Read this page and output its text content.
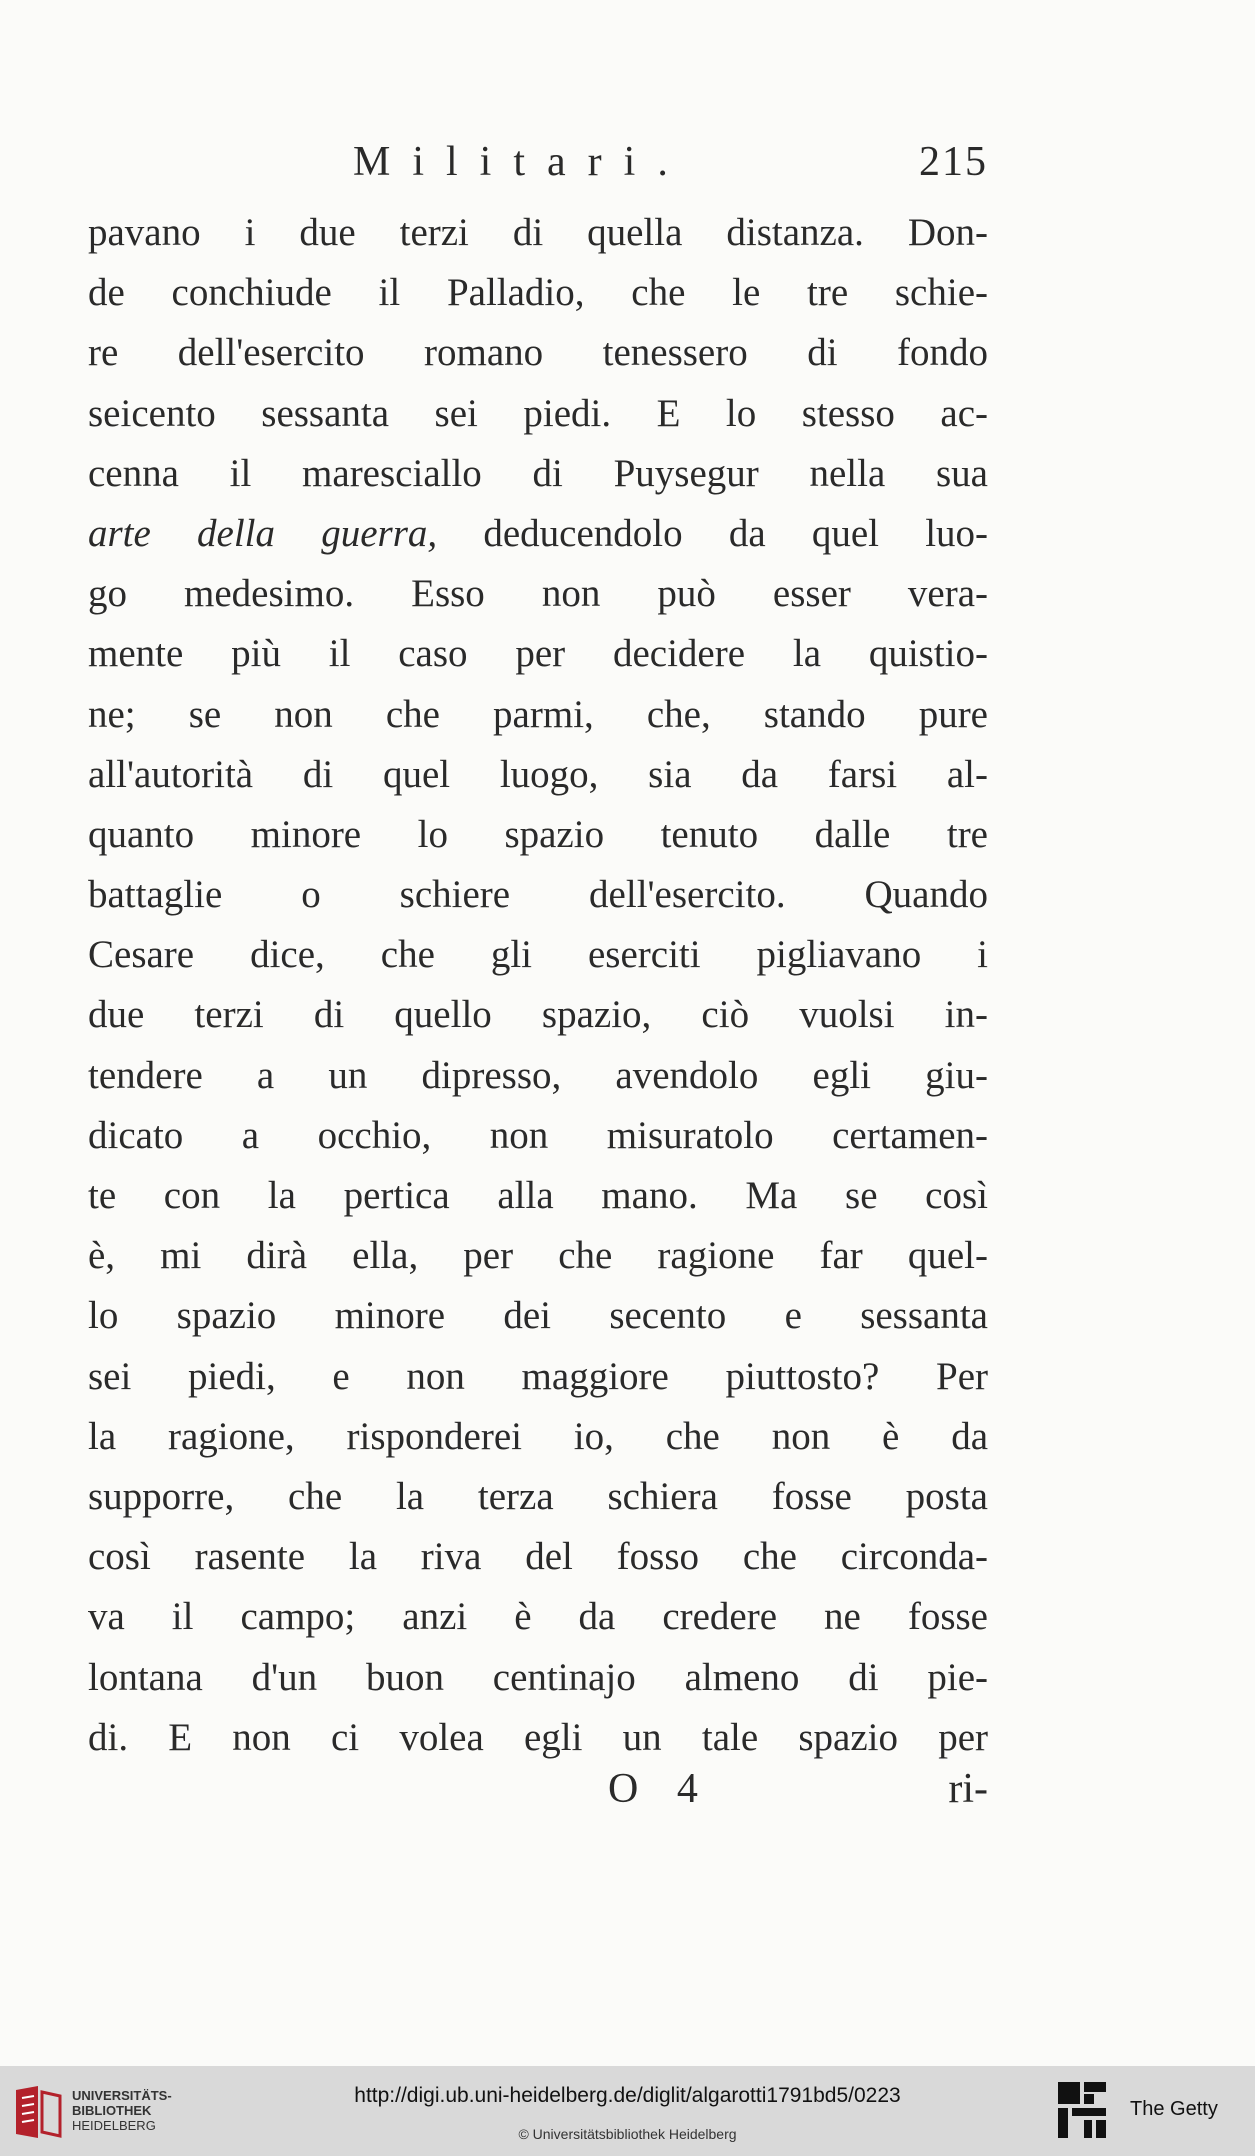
Militari.	215
pavano i due terzi di quella distanza. Don-
de conchiude il Palladio, che le tre schie-
re dell'esercito romano tenessero di fondo
seicento sessanta sei piedi. E lo stesso ac-
cenna il maresciallo di Puysegur nella sua
arte della guerra, deducendolo da quel luo-
go medesimo. Esso non può esser vera-
mente più il caso per decidere la quistio-
ne; se non che parmi, che, stando pure
all'autorità di quel luogo, sia da farsi al-
quanto minore lo spazio tenuto dalle tre
battaglie o schiere dell'esercito. Quando
Cesare dice, che gli eserciti pigliavano i
due terzi di quello spazio, ciò vuolsi in-
tendere a un dipresso, avendolo egli giu-
dicato a occhio, non misuratolo certamen-
te con la pertica alla mano. Ma se così
è, mi dirà ella, per che ragione far quel-
lo spazio minore dei secento e sessanta
sei piedi, e non maggiore piuttosto? Per
la ragione, risponderei io, che non è da
supporre, che la terza schiera fosse posta
così rasente la riva del fosso che circonda-
va il campo; anzi è da credere ne fosse
lontana d'un buon centinajo almeno di pie-
di. E non ci volea egli un tale spazio per
O 4	ri-
UNIVERSITÄTS-
BIBLIOTHEK
HEIDELBERG
http://digi.ub.uni-heidelberg.de/diglit/algarotti1791bd5/0223
© Universitätsbibliothek Heidelberg
The Getty
